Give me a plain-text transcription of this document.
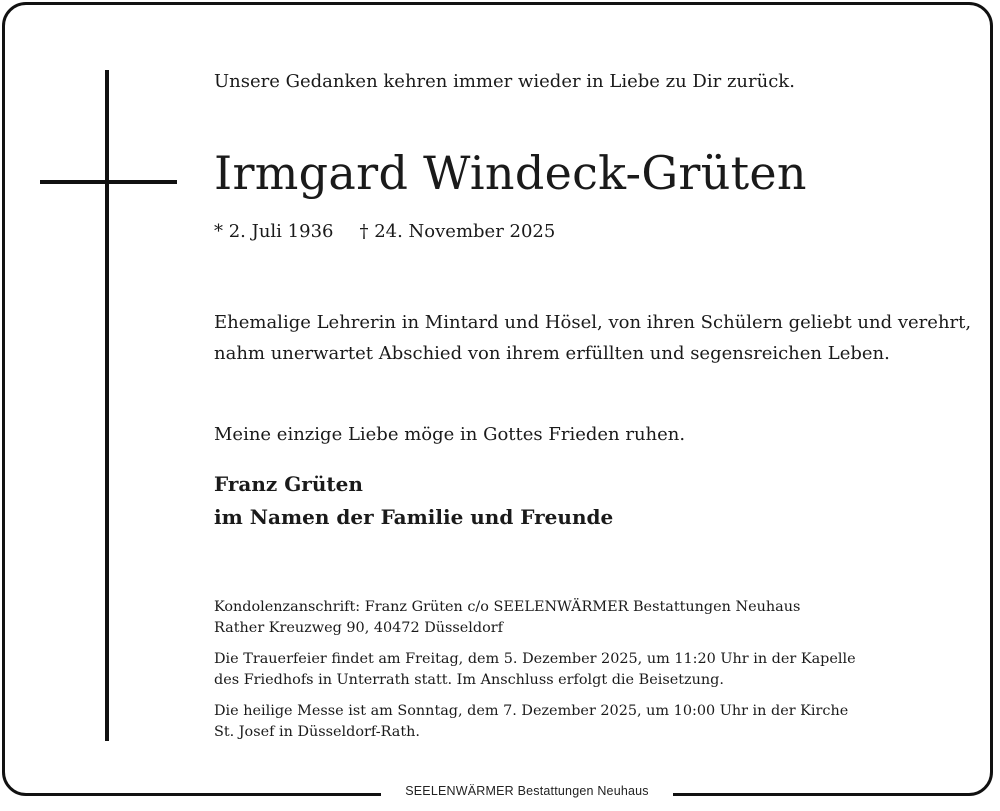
Unsere Gedanken kehren immer wieder in Liebe zu Dir zurück.
Irmgard Windeck-Grüten
* 2. Juli 1936 † 24. November 2025
Ehemalige Lehrerin in Mintard und Hösel, von ihren Schülern geliebt und verehrt,
nahm unerwartet Abschied von ihrem erfüllten und segensreichen Leben.
Meine einzige Liebe möge in Gottes Frieden ruhen.
Franz Grüten
im Namen der Familie und Freunde
Kondolenzanschrift: Franz Grüten c/o SEELENWÄRMER Bestattungen Neuhaus
Rather Kreuzweg 90, 40472 Düsseldorf
Die Trauerfeier findet am Freitag, dem 5. Dezember 2025, um 11:20 Uhr in der Kapelle
des Friedhofs in Unterrath statt. Im Anschluss erfolgt die Beisetzung.
Die heilige Messe ist am Sonntag, dem 7. Dezember 2025, um 10:00 Uhr in der Kirche
St. Josef in Düsseldorf-Rath.
SEELENWÄRMER Bestattungen Neuhaus
